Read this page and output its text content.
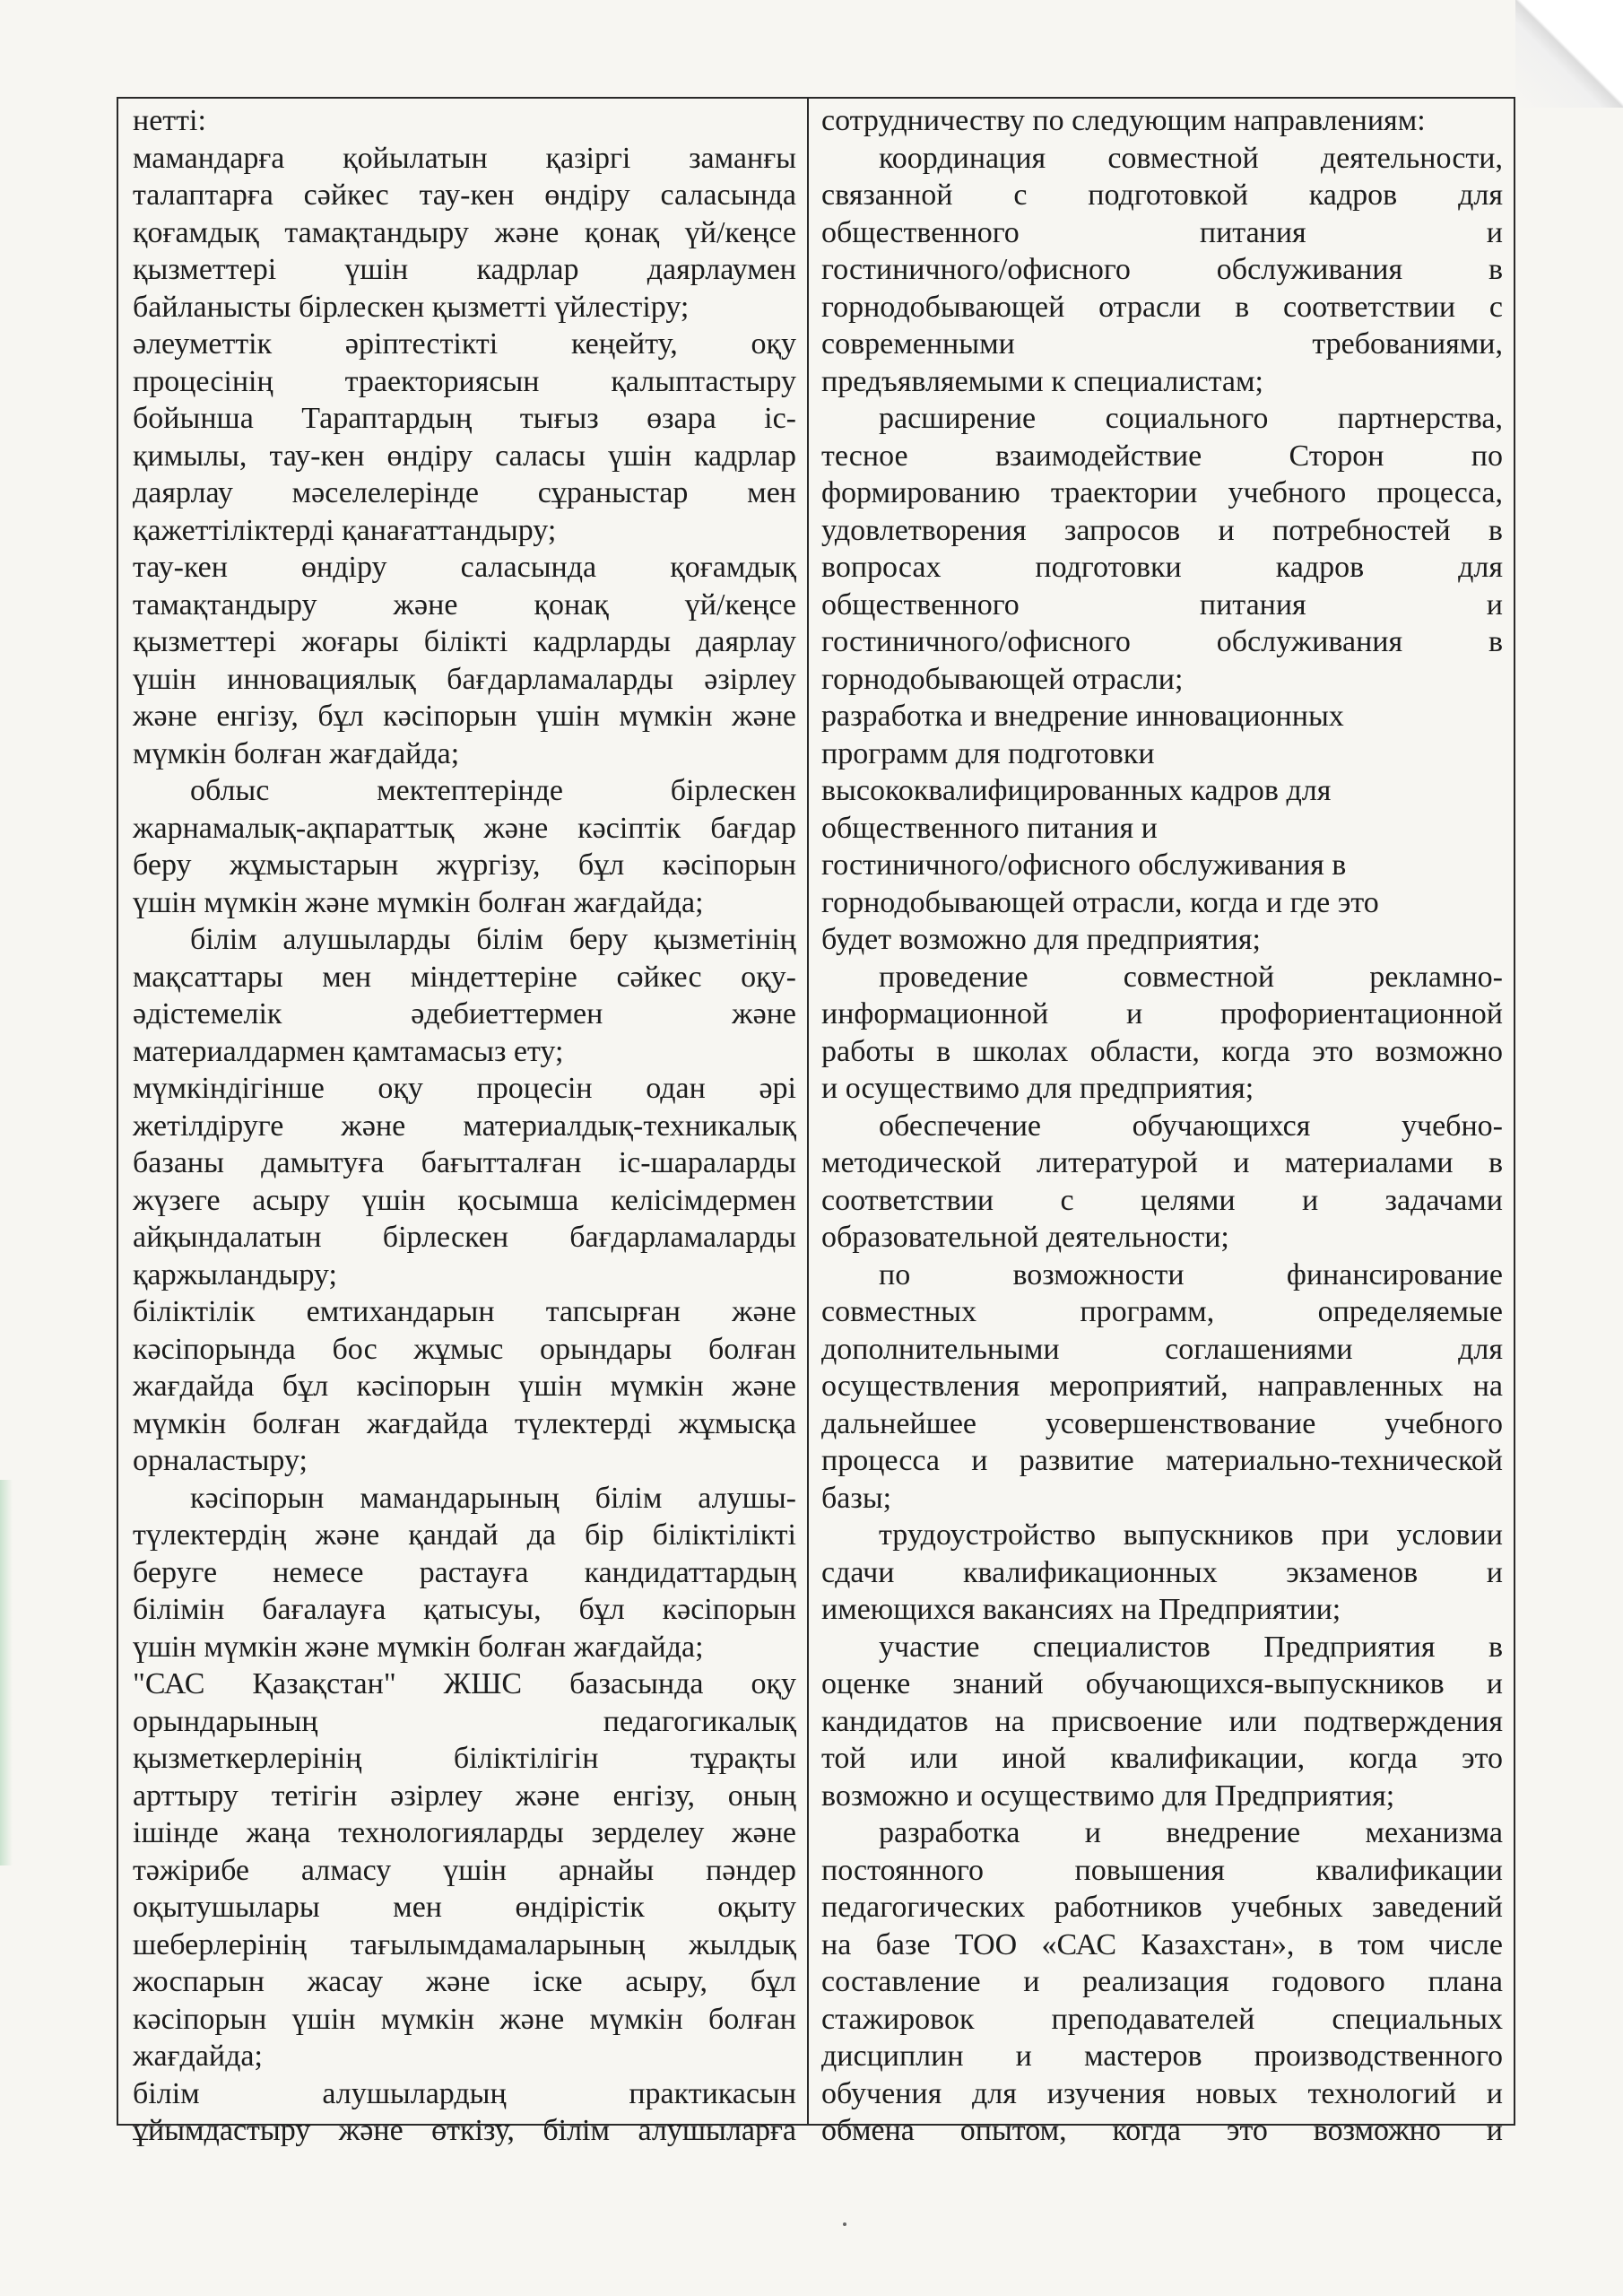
нетті:
мамандарға қойылатын қазіргі заманғы
талаптарға сәйкес тау-кен өндіру саласында
қоғамдық тамақтандыру және қонақ үй/кеңсе
қызметтері үшін кадрлар даярлаумен
байланысты бірлескен қызметті үйлестіру;
әлеуметтік әріптестікті кеңейту, оқу
процесінің траекториясын қалыптастыру
бойынша Тараптардың тығыз өзара іс-
қимылы, тау-кен өндіру саласы үшін кадрлар
даярлау мәселелерінде сұраныстар мен
қажеттіліктерді қанағаттандыру;
тау-кен өндіру саласында қоғамдық
тамақтандыру және қонақ үй/кеңсе
қызметтері жоғары білікті кадрларды даярлау
үшін инновациялық бағдарламаларды әзірлеу
және енгізу, бұл кәсіпорын үшін мүмкін және
мүмкін болған жағдайда;
облыс мектептерінде бірлескен
жарнамалық-ақпараттық және кәсіптік бағдар
беру жұмыстарын жүргізу, бұл кәсіпорын
үшін мүмкін және мүмкін болған жағдайда;
білім алушыларды білім беру қызметінің
мақсаттары мен міндеттеріне сәйкес оқу-
әдістемелік әдебиеттермен және
материалдармен қамтамасыз ету;
мүмкіндігінше оқу процесін одан әрі
жетілдіруге және материалдық-техникалық
базаны дамытуға бағытталған іс-шараларды
жүзеге асыру үшін қосымша келісімдермен
айқындалатын бірлескен бағдарламаларды
қаржыландыру;
біліктілік емтихандарын тапсырған және
кәсіпорында бос жұмыс орындары болған
жағдайда бұл кәсіпорын үшін мүмкін және
мүмкін болған жағдайда түлектерді жұмысқа
орналастыру;
кәсіпорын мамандарының білім алушы-
түлектердің және қандай да бір біліктілікті
беруге немесе растауға кандидаттардың
білімін бағалауға қатысуы, бұл кәсіпорын
үшін мүмкін және мүмкін болған жағдайда;
"САС Қазақстан" ЖШС базасында оқу
орындарының педагогикалық
қызметкерлерінің біліктілігін тұрақты
арттыру тетігін әзірлеу және енгізу, оның
ішінде жаңа технологияларды зерделеу және
тәжірибе алмасу үшін арнайы пәндер
оқытушылары мен өндірістік оқыту
шеберлерінің тағылымдамаларының жылдық
жоспарын жасау және іске асыру, бұл
кәсіпорын үшін мүмкін және мүмкін болған
жағдайда;
білім алушылардың практикасын
ұйымдастыру және өткізу, білім алушыларға
сотрудничеству по следующим направлениям:
координация совместной деятельности,
связанной с подготовкой кадров для
общественного питания и
гостиничного/офисного обслуживания в
горнодобывающей отрасли в соответствии с
современными требованиями,
предъявляемыми к специалистам;
расширение социального партнерства,
тесное взаимодействие Сторон по
формированию траектории учебного процесса,
удовлетворения запросов и потребностей в
вопросах подготовки кадров для
общественного питания и
гостиничного/офисного обслуживания в
горнодобывающей отрасли;
разработка и внедрение инновационных
программ для подготовки
высококвалифицированных кадров для
общественного питания и
гостиничного/офисного обслуживания в
горнодобывающей отрасли, когда и где это
будет возможно для предприятия;
проведение совместной рекламно-
информационной и профориентационной
работы в школах области, когда это возможно
и осуществимо для предприятия;
обеспечение обучающихся учебно-
методической литературой и материалами в
соответствии с целями и задачами
образовательной деятельности;
по возможности финансирование
совместных программ, определяемые
дополнительными соглашениями для
осуществления мероприятий, направленных на
дальнейшее усовершенствование учебного
процесса и развитие материально-технической
базы;
трудоустройство выпускников при условии
сдачи квалификационных экзаменов и
имеющихся вакансиях на Предприятии;
участие специалистов Предприятия в
оценке знаний обучающихся-выпускников и
кандидатов на присвоение или подтверждения
той или иной квалификации, когда это
возможно и осуществимо для Предприятия;
разработка и внедрение механизма
постоянного повышения квалификации
педагогических работников учебных заведений
на базе ТОО «САС Казахстан», в том числе
составление и реализация годового плана
стажировок преподавателей специальных
дисциплин и мастеров производственного
обучения для изучения новых технологий и
обмена опытом, когда это возможно и
